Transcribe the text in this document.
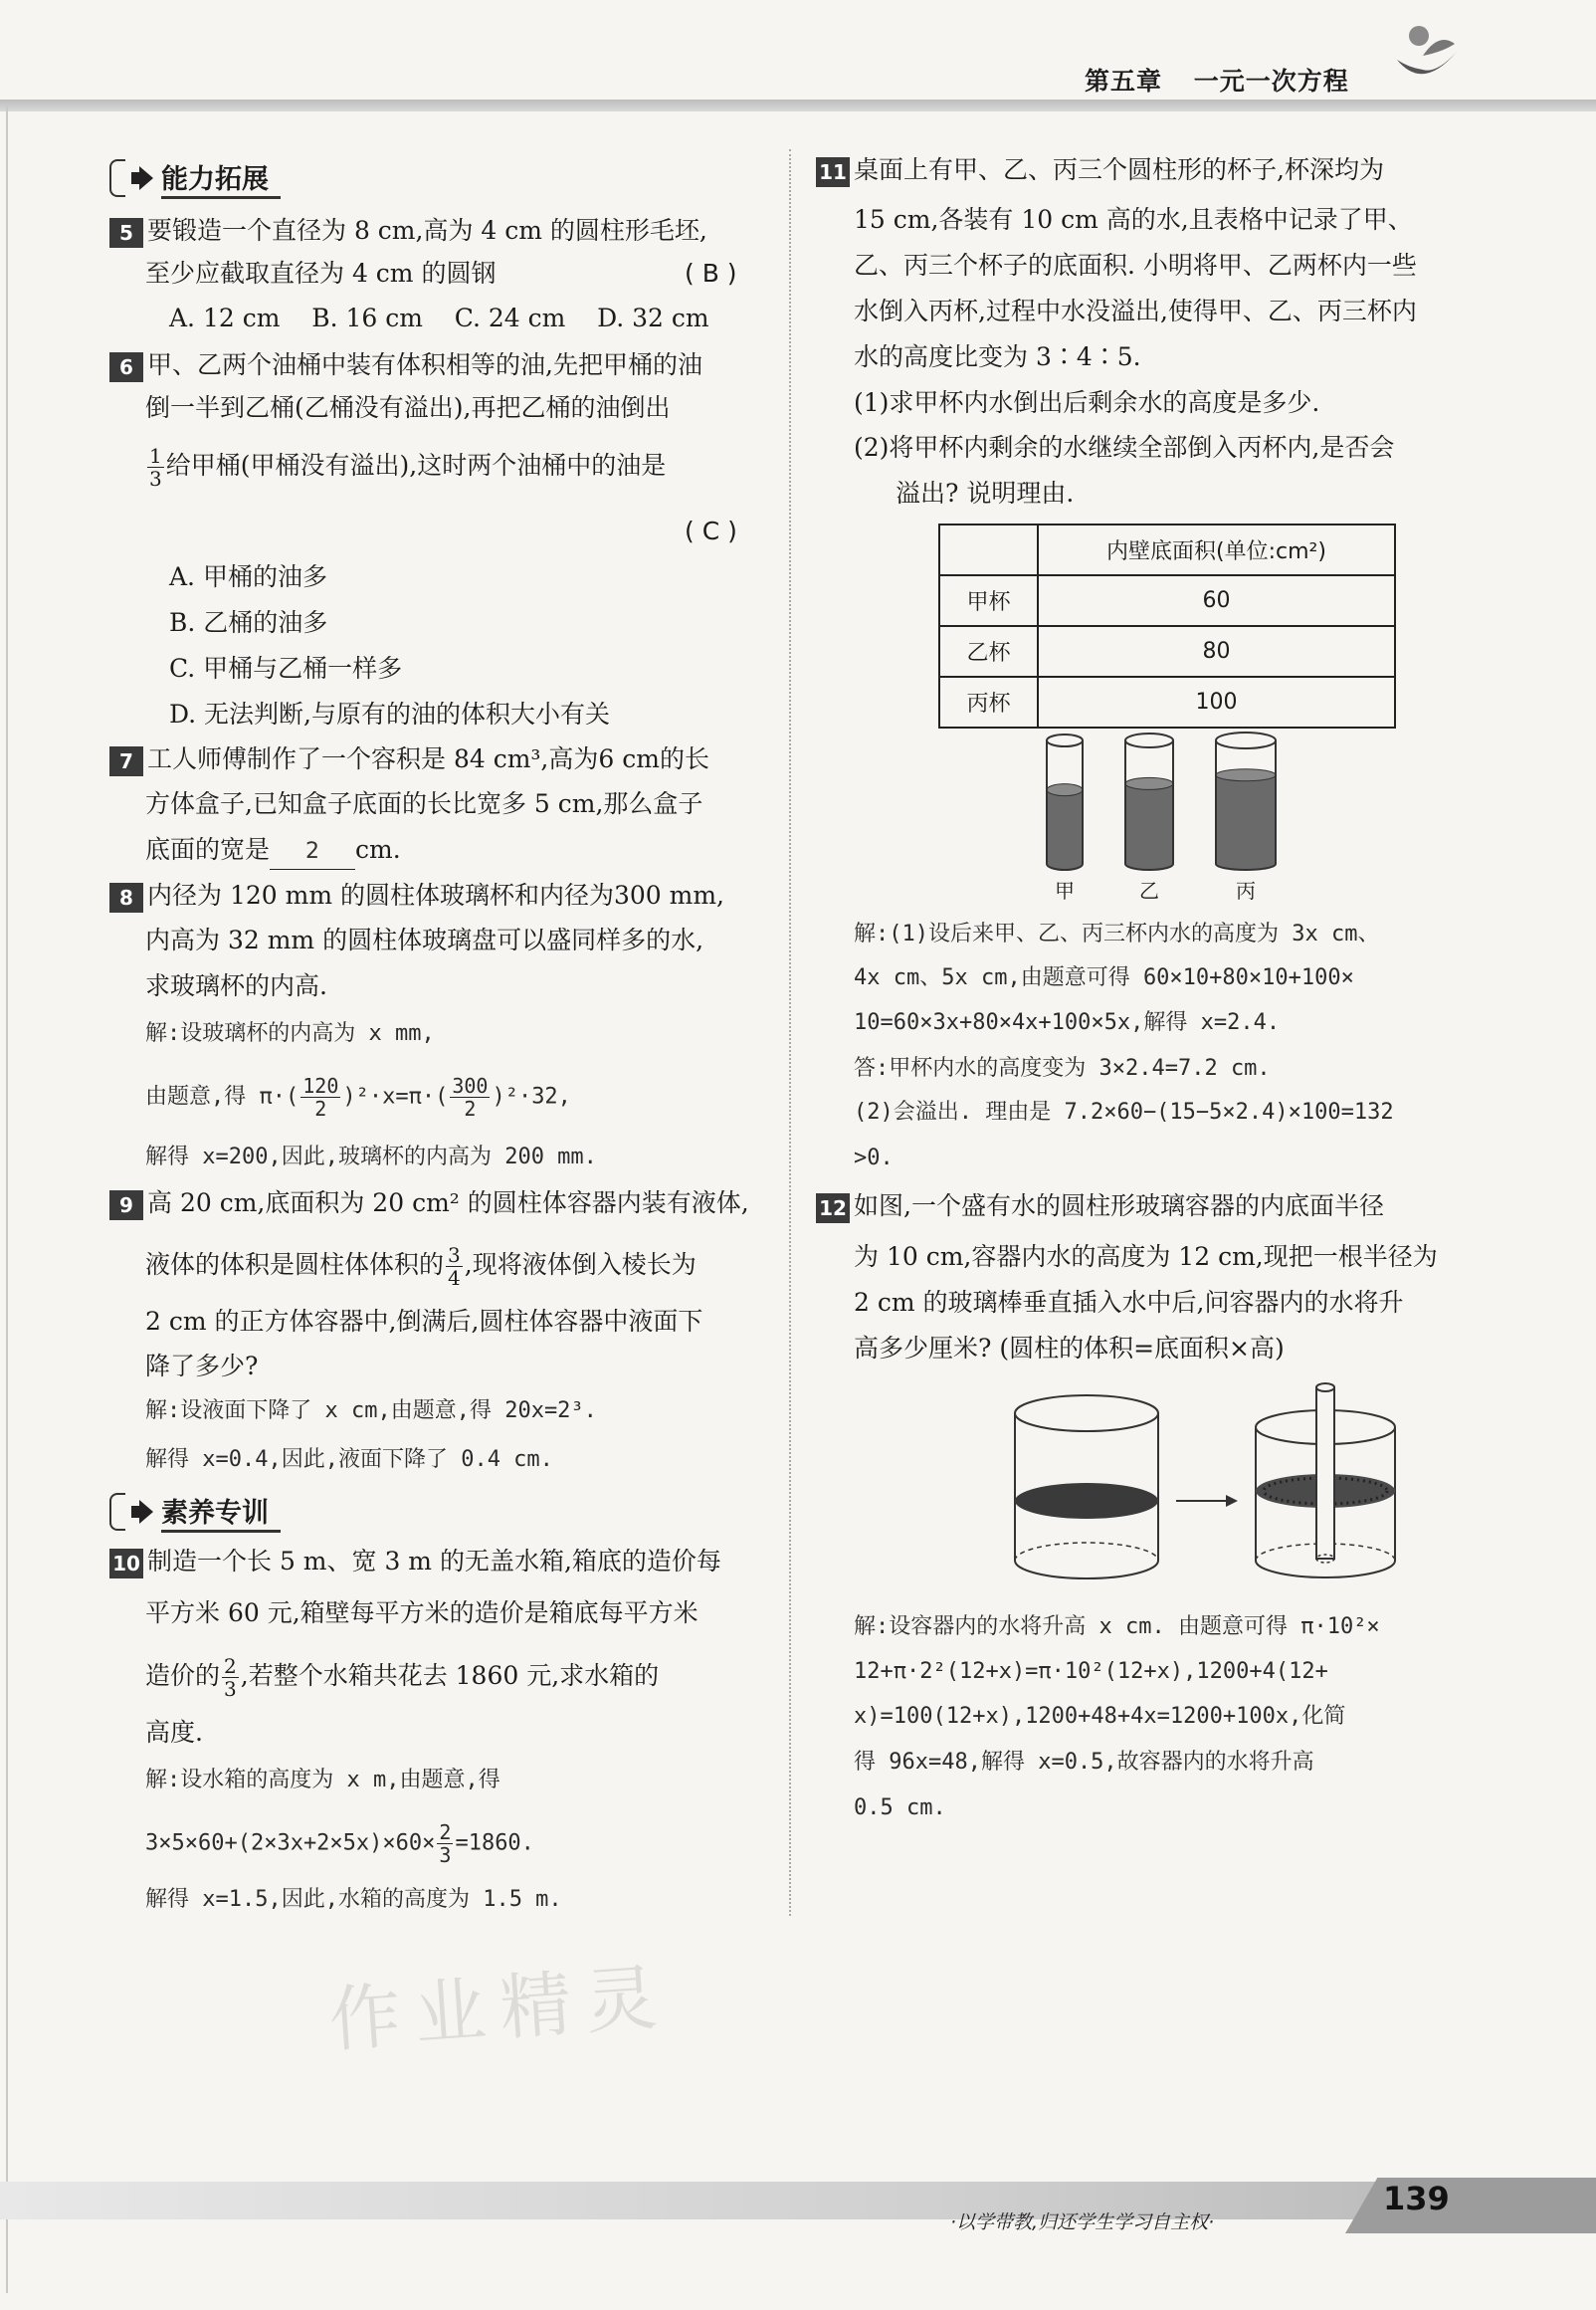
第五章 一元一次方程
能力拓展
5 要锻造一个直径为 8 cm,高为 4 cm 的圆柱形毛坯,
至少应截取直径为 4 cm 的圆钢	( B )
A. 12 cm    B. 16 cm    C. 24 cm    D. 32 cm
6 甲、乙两个油桶中装有体积相等的油,先把甲桶的油
倒一半到乙桶(乙桶没有溢出),再把乙桶的油倒出
$\frac{1}{3}$ 给甲桶(甲桶没有溢出),这时两个油桶中的油是
( C )
A. 甲桶的油多
B. 乙桶的油多
C. 甲桶与乙桶一样多
D. 无法判断,与原有的油的体积大小有关
7 工人师傅制作了一个容积是 84 cm³,高为6 cm的长
方体盒子,已知盒子底面的长比宽多 5 cm,那么盒子
底面的宽是 2 cm.
8 内径为 120 mm 的圆柱体玻璃杯和内径为300 mm,
内高为 32 mm 的圆柱体玻璃盘可以盛同样多的水,
求玻璃杯的内高.
解:设玻璃杯的内高为 x mm,
由题意,得 $\pi\cdot( \frac{120}{2} )^2\cdot x=\pi\cdot( \frac{300}{2} )^2\cdot 32$,
解得 x=200,因此,玻璃杯的内高为 200 mm.
9 高 20 cm,底面积为 20 cm² 的圆柱体容器内装有液体,
液体的体积是圆柱体体积的 $\frac{3}{4}$ ,现将液体倒入棱长为
2 cm 的正方体容器中,倒满后,圆柱体容器中液面下
降了多少?
解:设液面下降了 x cm,由题意,得 20x=2³.
解得 x=0.4,因此,液面下降了 0.4 cm.
素养专训
10 制造一个长 5 m、宽 3 m 的无盖水箱,箱底的造价每
平方米 60 元,箱壁每平方米的造价是箱底每平方米
造价的 $\frac{2}{3}$ ,若整个水箱共花去 1860 元,求水箱的
高度.
解:设水箱的高度为 x m,由题意,得
$3\times 5\times 60+(2\times 3x+2\times 5x)\times 60\times \frac{2}{3} =1860$.
解得 x=1.5,因此,水箱的高度为 1.5 m.
11 桌面上有甲、乙、丙三个圆柱形的杯子,杯深均为
15 cm,各装有 10 cm 高的水,且表格中记录了甲、
乙、丙三个杯子的底面积. 小明将甲、乙两杯内一些
水倒入丙杯,过程中水没溢出,使得甲、乙、丙三杯内
水的高度比变为 3∶4∶5.
(1)求甲杯内水倒出后剩余水的高度是多少.
(2)将甲杯内剩余的水继续全部倒入丙杯内,是否会
溢出? 说明理由.
	内壁底面积(单位:cm²)
甲杯	60
乙杯	80
丙杯	100
甲	乙	丙
解:(1)设后来甲、乙、丙三杯内水的高度为 3x cm、
4x cm、5x cm,由题意可得 60×10+80×10+100×
10=60×3x+80×4x+100×5x,解得 x=2.4.
答:甲杯内水的高度变为 3×2.4=7.2 cm.
(2)会溢出. 理由是 7.2×60−(15−5×2.4)×100=132
>0.
12 如图,一个盛有水的圆柱形玻璃容器的内底面半径
为 10 cm,容器内水的高度为 12 cm,现把一根半径为
2 cm 的玻璃棒垂直插入水中后,问容器内的水将升
高多少厘米? (圆柱的体积=底面积×高)
解:设容器内的水将升高 x cm. 由题意可得 π·10²×
12+π·2²(12+x)=π·10²(12+x),1200+4(12+
x)=100(12+x),1200+48+4x=1200+100x,化简
得 96x=48,解得 x=0.5,故容器内的水将升高
0.5 cm.
作业精灵
·以学带教,归还学生学习自主权·
139
